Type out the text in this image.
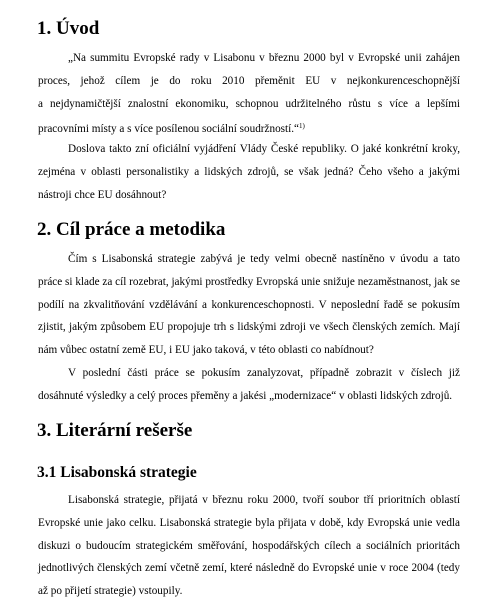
1. Úvod
„Na summitu Evropské rady v Lisabonu v březnu 2000 byl v Evropské unii zahájen
proces, jehož cílem je do roku 2010 přeměnit EU v nejkonkurenceschopnější
a nejdynamičtější znalostní ekonomiku, schopnou udržitelného růstu s více a lepšími
pracovními místy a s více posílenou sociální soudržností.“$^{1)}$
Doslova takto zní oficiální vyjádření Vlády České republiky. O jaké konkrétní kroky,
zejména v oblasti personalistiky a lidských zdrojů, se však jedná? Čeho všeho a jakými
nástroji chce EU dosáhnout?
2. Cíl práce a metodika
Čím s Lisabonská strategie zabývá je tedy velmi obecně nastíněno v úvodu a tato
práce si klade za cíl rozebrat, jakými prostředky Evropská unie snižuje nezaměstnanost, jak se
podílí na zkvalitňování vzdělávání a konkurenceschopnosti. V neposlední řadě se pokusím
zjistit, jakým způsobem EU propojuje trh s lidskými zdroji ve všech členských zemích. Mají
nám vůbec ostatní země EU, i EU jako taková, v této oblasti co nabídnout?
V poslední části práce se pokusím zanalyzovat, případně zobrazit v číslech již
dosáhnuté výsledky a celý proces přeměny a jakési „modernizace“ v oblasti lidských zdrojů.
3. Literární rešerše
3.1 Lisabonská strategie
Lisabonská strategie, přijatá v březnu roku 2000, tvoří soubor tří prioritních oblastí
Evropské unie jako celku. Lisabonská strategie byla přijata v době, kdy Evropská unie vedla
diskuzi o budoucím strategickém směřování, hospodářských cílech a sociálních prioritách
jednotlivých členských zemí včetně zemí, které následně do Evropské unie v roce 2004 (tedy
až po přijetí strategie) vstoupily.
